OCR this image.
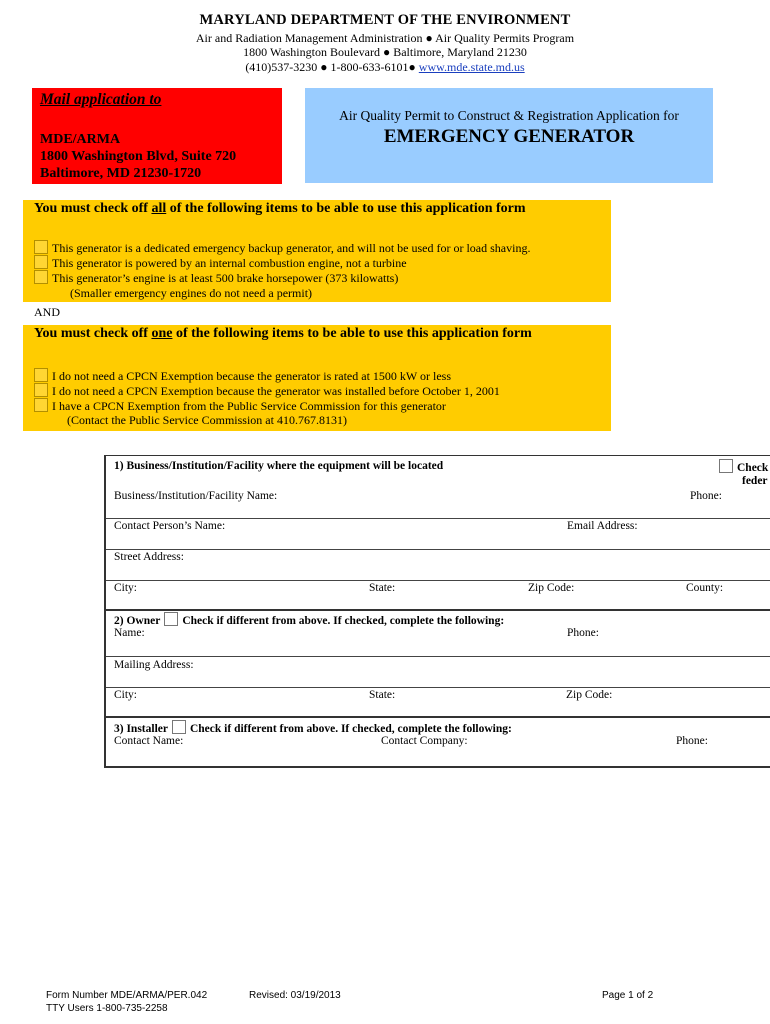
MARYLAND DEPARTMENT OF THE ENVIRONMENT
Air and Radiation Management Administration ● Air Quality Permits Program
1800 Washington Boulevard ● Baltimore, Maryland 21230
(410)537-3230 ● 1-800-633-6101● www.mde.state.md.us
Mail application to
MDE/ARMA
1800 Washington Blvd, Suite 720
Baltimore, MD 21230-1720
Air Quality Permit to Construct & Registration Application for
EMERGENCY GENERATOR
You must check off all of the following items to be able to use this application form
This generator is a dedicated emergency backup generator, and will not be used for or load shaving.
This generator is powered by an internal combustion engine, not a turbine
This generator’s engine is at least 500 brake horsepower (373 kilowatts)
(Smaller emergency engines do not need a permit)
AND
You must check off one of the following items to be able to use this application form
I do not need a CPCN Exemption because the generator is rated at 1500 kW or less
I do not need a CPCN Exemption because the generator was installed before October 1, 2001
I have a CPCN Exemption from the Public Service Commission for this generator
(Contact the Public Service Commission at 410.767.8131)
1) Business/Institution/Facility where the equipment will be located	Check
feder
Business/Institution/Facility Name:	Phone:
Contact Person’s Name:	Email Address:
Street Address:
City:	State:	Zip Code:	County:
2) Owner Check if different from above. If checked, complete the following:
Name:	Phone:
Mailing Address:
City:	State:	Zip Code:
3) Installer Check if different from above. If checked, complete the following:
Contact Name:	Contact Company:	Phone:
Form Number MDE/ARMA/PER.042
TTY Users 1-800-735-2258
Revised: 03/19/2013	Page 1 of 2
